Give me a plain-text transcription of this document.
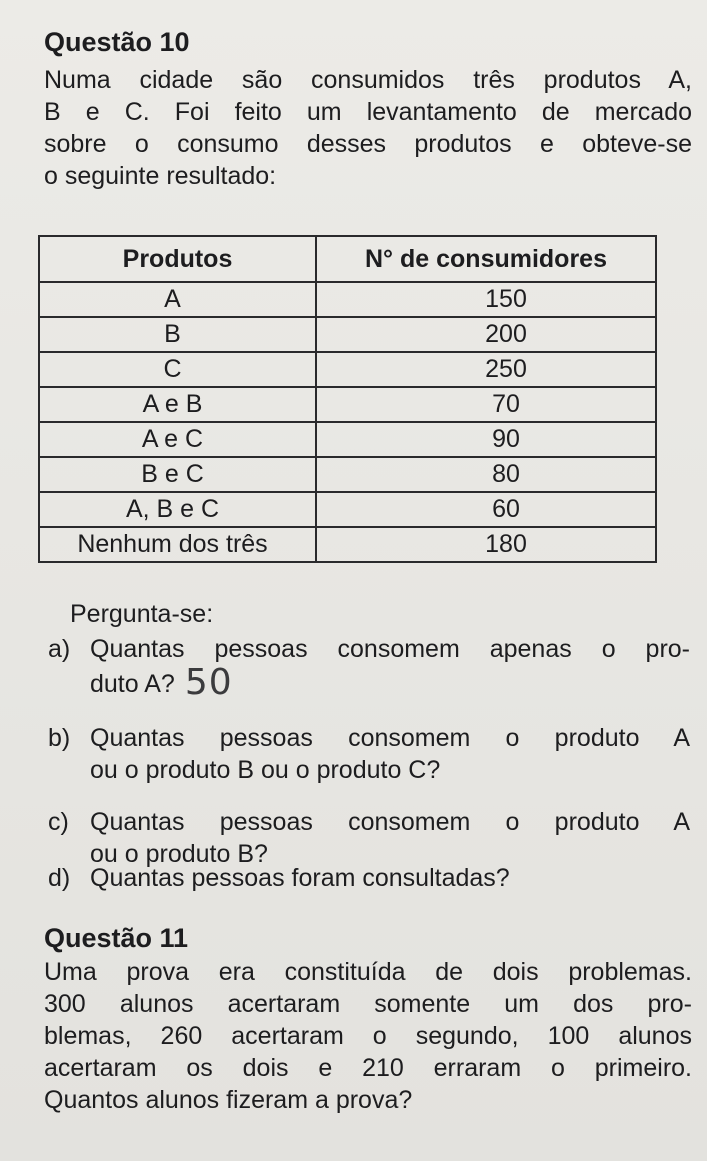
Questão 10
Numa cidade são consumidos três produtos A,
B e C. Foi feito um levantamento de mercado
sobre o consumo desses produtos e obteve-se
o seguinte resultado:
Produtos	N° de consumidores
A	150
B	200
C	250
A e B	70
A e C	90
B e C	80
A, B e C	60
Nenhum dos três	180
Pergunta-se:
a) Quantas pessoas consomem apenas o pro-
duto A? 50
b) Quantas pessoas consomem o produto A
ou o produto B ou o produto C?
c) Quantas pessoas consomem o produto A
ou o produto B?
d) Quantas pessoas foram consultadas?
Questão 11
Uma prova era constituída de dois problemas.
300 alunos acertaram somente um dos pro-
blemas, 260 acertaram o segundo, 100 alunos
acertaram os dois e 210 erraram o primeiro.
Quantos alunos fizeram a prova?
